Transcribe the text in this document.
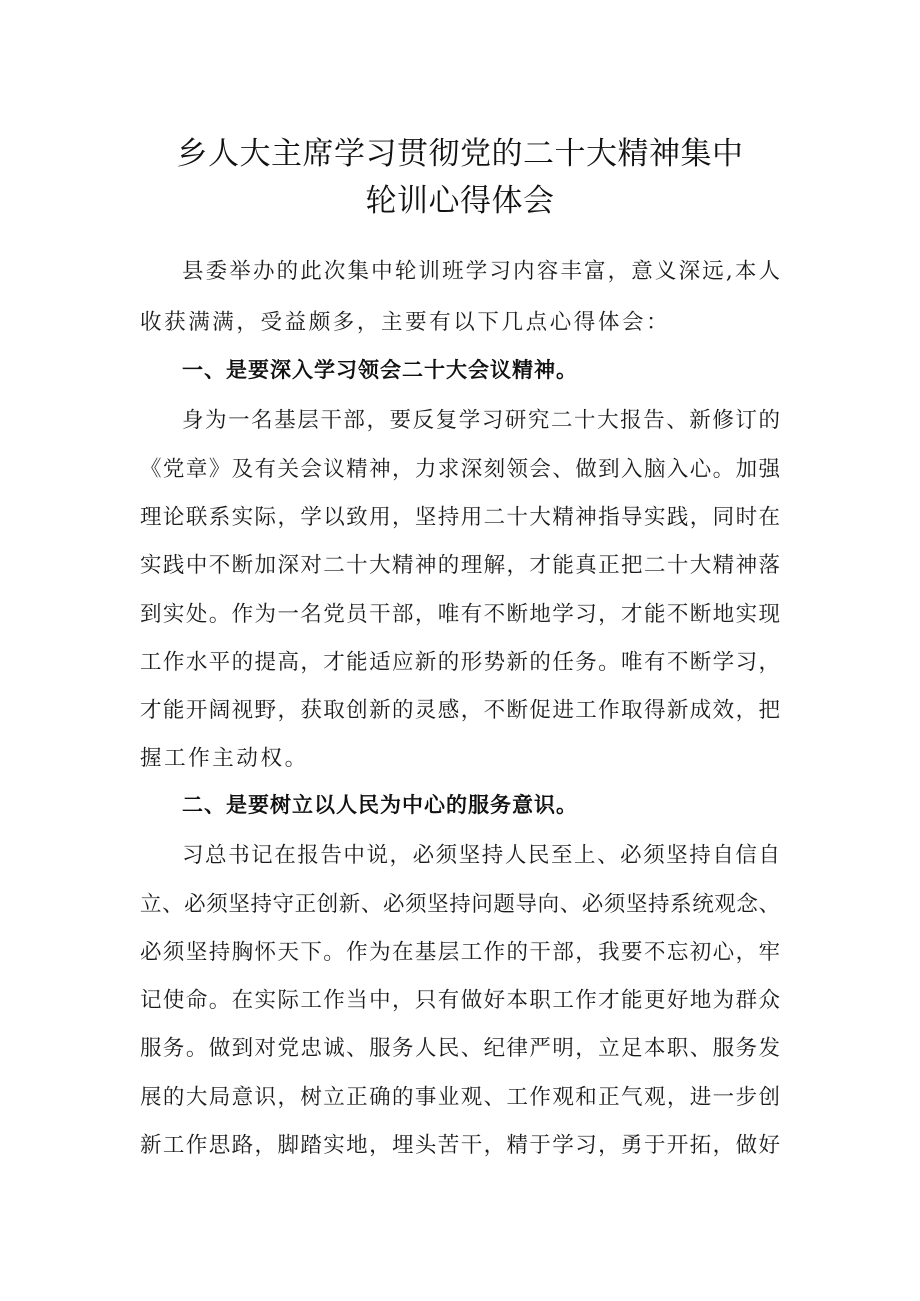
乡人大主席学习贯彻党的二十大精神集中
轮训心得体会
县委举办的此次集中轮训班学习内容丰富，意义深远,本人
收获满满，受益颇多，主要有以下几点心得体会：
一、是要深入学习领会二十大会议精神。
身为一名基层干部，要反复学习研究二十大报告、新修订的
《党章》及有关会议精神，力求深刻领会、做到入脑入心。加强
理论联系实际，学以致用，坚持用二十大精神指导实践，同时在
实践中不断加深对二十大精神的理解，才能真正把二十大精神落
到实处。作为一名党员干部，唯有不断地学习，才能不断地实现
工作水平的提高，才能适应新的形势新的任务。唯有不断学习，
才能开阔视野，获取创新的灵感，不断促进工作取得新成效，把
握工作主动权。
二、是要树立以人民为中心的服务意识。
习总书记在报告中说，必须坚持人民至上、必须坚持自信自
立、必须坚持守正创新、必须坚持问题导向、必须坚持系统观念、
必须坚持胸怀天下。作为在基层工作的干部，我要不忘初心，牢
记使命。在实际工作当中，只有做好本职工作才能更好地为群众
服务。做到对党忠诚、服务人民、纪律严明，立足本职、服务发
展的大局意识，树立正确的事业观、工作观和正气观，进一步创
新工作思路，脚踏实地，埋头苦干，精于学习，勇于开拓，做好
